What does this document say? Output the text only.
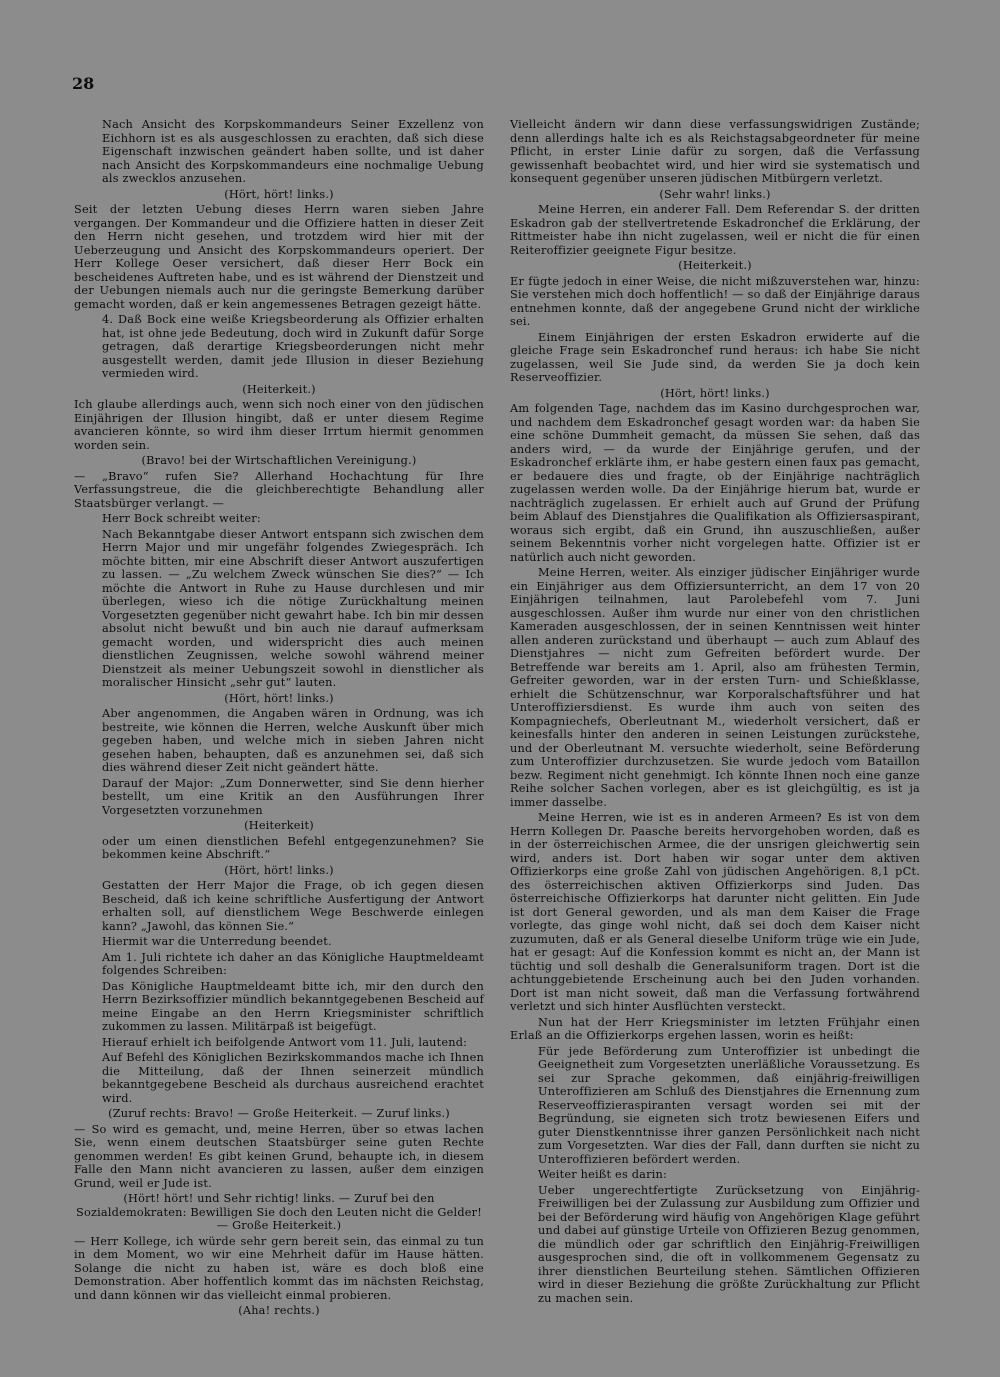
28

Nach Ansicht des Korpskommandeurs Seiner Exzellenz von Eichhorn ist es als ausgeschlossen zu erachten, daß sich diese Eigenschaft inzwischen geändert haben sollte, und ist daher nach Ansicht des Korpskommandeurs eine nochmalige Uebung als zwecklos anzusehen.

(Hört, hört! links.)

Seit der letzten Uebung dieses Herrn waren sieben Jahre vergangen. Der Kommandeur und die Offiziere hatten in dieser Zeit den Herrn nicht gesehen, und trotzdem wird hier mit der Ueberzeugung und Ansicht des Korpskommandeurs operiert. Der Herr Kollege Oeser versichert, daß dieser Herr Bock ein bescheidenes Auftreten habe, und es ist während der Dienstzeit und der Uebungen niemals auch nur die geringste Bemerkung darüber gemacht worden, daß er kein angemessenes Betragen gezeigt hätte.

4. Daß Bock eine weiße Kriegsbeorderung als Offizier erhalten hat, ist ohne jede Bedeutung, doch wird in Zukunft dafür Sorge getragen, daß derartige Kriegsbeorderungen nicht mehr ausgestellt werden, damit jede Illusion in dieser Beziehung vermieden wird.

(Heiterkeit.)

Ich glaube allerdings auch, wenn sich noch einer von den jüdischen Einjährigen der Illusion hingibt, daß er unter diesem Regime avancieren könnte, so wird ihm dieser Irrtum hiermit genommen worden sein.

(Bravo! bei der Wirtschaftlichen Vereinigung.)

— „Bravo“ rufen Sie? Allerhand Hochachtung für Ihre Verfassungstreue, die die gleichberechtigte Behandlung aller Staatsbürger verlangt. —

Herr Bock schreibt weiter:

Nach Bekanntgabe dieser Antwort entspann sich zwischen dem Herrn Major und mir ungefähr folgendes Zwiegespräch. Ich möchte bitten, mir eine Abschrift dieser Antwort auszufertigen zu lassen. — „Zu welchem Zweck wünschen Sie dies?“ — Ich möchte die Antwort in Ruhe zu Hause durchlesen und mir überlegen, wieso ich die nötige Zurückhaltung meinen Vorgesetzten gegenüber nicht gewahrt habe. Ich bin mir dessen absolut nicht bewußt und bin auch nie darauf aufmerksam gemacht worden, und widerspricht dies auch meinen dienstlichen Zeugnissen, welche sowohl während meiner Dienstzeit als meiner Uebungszeit sowohl in dienstlicher als moralischer Hinsicht „sehr gut“ lauten.

(Hört, hört! links.)

Aber angenommen, die Angaben wären in Ordnung, was ich bestreite, wie können die Herren, welche Auskunft über mich gegeben haben, und welche mich in sieben Jahren nicht gesehen haben, behaupten, daß es anzunehmen sei, daß sich dies während dieser Zeit nicht geändert hätte.

Darauf der Major: „Zum Donnerwetter, sind Sie denn hierher bestellt, um eine Kritik an den Ausführungen Ihrer Vorgesetzten vorzunehmen

(Heiterkeit)

oder um einen dienstlichen Befehl entgegenzunehmen? Sie bekommen keine Abschrift.“

(Hört, hört! links.)

Gestatten der Herr Major die Frage, ob ich gegen diesen Bescheid, daß ich keine schriftliche Ausfertigung der Antwort erhalten soll, auf dienstlichem Wege Beschwerde einlegen kann? „Jawohl, das können Sie.“

Hiermit war die Unterredung beendet.

Am 1. Juli richtete ich daher an das Königliche Hauptmeldeamt folgendes Schreiben:

Das Königliche Hauptmeldeamt bitte ich, mir den durch den Herrn Bezirksoffizier mündlich bekanntgegebenen Bescheid auf meine Eingabe an den Herrn Kriegsminister schriftlich zukommen zu lassen. Militärpaß ist beigefügt.

Hierauf erhielt ich beifolgende Antwort vom 11. Juli, lautend:

Auf Befehl des Königlichen Bezirkskommandos mache ich Ihnen die Mitteilung, daß der Ihnen seinerzeit mündlich bekanntgegebene Bescheid als durchaus ausreichend erachtet wird.

(Zuruf rechts: Bravo! — Große Heiterkeit. — Zuruf links.)

— So wird es gemacht, und, meine Herren, über so etwas lachen Sie, wenn einem deutschen Staatsbürger seine guten Rechte genommen werden! Es gibt keinen Grund, behaupte ich, in diesem Falle den Mann nicht avancieren zu lassen, außer dem einzigen Grund, weil er Jude ist.

(Hört! hört! und Sehr richtig! links. — Zuruf bei den Sozialdemokraten: Bewilligen Sie doch den Leuten nicht die Gelder! — Große Heiterkeit.)

— Herr Kollege, ich würde sehr gern bereit sein, das einmal zu tun in dem Moment, wo wir eine Mehrheit dafür im Hause hätten. Solange die nicht zu haben ist, wäre es doch bloß eine Demonstration. Aber hoffentlich kommt das im nächsten Reichstag, und dann können wir das vielleicht einmal probieren.

(Aha! rechts.)

Vielleicht ändern wir dann diese verfassungswidrigen Zustände; denn allerdings halte ich es als Reichstagsabgeordneter für meine Pflicht, in erster Linie dafür zu sorgen, daß die Verfassung gewissenhaft beobachtet wird, und hier wird sie systematisch und konsequent gegenüber unseren jüdischen Mitbürgern verletzt.

(Sehr wahr! links.)

Meine Herren, ein anderer Fall. Dem Referendar S. der dritten Eskadron gab der stellvertretende Eskadronchef die Erklärung, der Rittmeister habe ihn nicht zugelassen, weil er nicht die für einen Reiteroffizier geeignete Figur besitze.

(Heiterkeit.)

Er fügte jedoch in einer Weise, die nicht mißzuverstehen war, hinzu: Sie verstehen mich doch hoffentlich! — so daß der Einjährige daraus entnehmen konnte, daß der angegebene Grund nicht der wirkliche sei.

Einem Einjährigen der ersten Eskadron erwiderte auf die gleiche Frage sein Eskadronchef rund heraus: ich habe Sie nicht zugelassen, weil Sie Jude sind, da werden Sie ja doch kein Reserveoffizier.

(Hört, hört! links.)

Am folgenden Tage, nachdem das im Kasino durchgesprochen war, und nachdem dem Eskadronchef gesagt worden war: da haben Sie eine schöne Dummheit gemacht, da müssen Sie sehen, daß das anders wird, — da wurde der Einjährige gerufen, und der Eskadronchef erklärte ihm, er habe gestern einen faux pas gemacht, er bedauere dies und fragte, ob der Einjährige nachträglich zugelassen werden wolle. Da der Einjährige hierum bat, wurde er nachträglich zugelassen. Er erhielt auch auf Grund der Prüfung beim Ablauf des Dienstjahres die Qualifikation als Offiziersaspirant, woraus sich ergibt, daß ein Grund, ihn auszuschließen, außer seinem Bekenntnis vorher nicht vorgelegen hatte. Offizier ist er natürlich auch nicht geworden.

Meine Herren, weiter. Als einziger jüdischer Einjähriger wurde ein Einjähriger aus dem Offiziersunterricht, an dem 17 von 20 Einjährigen teilnahmen, laut Parolebefehl vom 7. Juni ausgeschlossen. Außer ihm wurde nur einer von den christlichen Kameraden ausgeschlossen, der in seinen Kenntnissen weit hinter allen anderen zurückstand und überhaupt — auch zum Ablauf des Dienstjahres — nicht zum Gefreiten befördert wurde. Der Betreffende war bereits am 1. April, also am frühesten Termin, Gefreiter geworden, war in der ersten Turn- und Schießklasse, erhielt die Schützenschnur, war Korporalschaftsführer und hat Unteroffiziersdienst. Es wurde ihm auch von seiten des Kompagniechefs, Oberleutnant M., wiederholt versichert, daß er keinesfalls hinter den anderen in seinen Leistungen zurückstehe, und der Oberleutnant M. versuchte wiederholt, seine Beförderung zum Unteroffizier durchzusetzen. Sie wurde jedoch vom Bataillon bezw. Regiment nicht genehmigt. Ich könnte Ihnen noch eine ganze Reihe solcher Sachen vorlegen, aber es ist gleichgültig, es ist ja immer dasselbe.

Meine Herren, wie ist es in anderen Armeen? Es ist von dem Herrn Kollegen Dr. Paasche bereits hervorgehoben worden, daß es in der österreichischen Armee, die der unsrigen gleichwertig sein wird, anders ist. Dort haben wir sogar unter dem aktiven Offizierkorps eine große Zahl von jüdischen Angehörigen. 8,1 pCt. des österreichischen aktiven Offizierkorps sind Juden. Das österreichische Offizierkorps hat darunter nicht gelitten. Ein Jude ist dort General geworden, und als man dem Kaiser die Frage vorlegte, das ginge wohl nicht, daß sei doch dem Kaiser nicht zuzumuten, daß er als General dieselbe Uniform trüge wie ein Jude, hat er gesagt: Auf die Konfession kommt es nicht an, der Mann ist tüchtig und soll deshalb die Generalsuniform tragen. Dort ist die achtunggebietende Erscheinung auch bei den Juden vorhanden. Dort ist man nicht soweit, daß man die Verfassung fortwährend verletzt und sich hinter Ausflüchten versteckt.

Nun hat der Herr Kriegsminister im letzten Frühjahr einen Erlaß an die Offizierkorps ergehen lassen, worin es heißt:

Für jede Beförderung zum Unteroffizier ist unbedingt die Geeignetheit zum Vorgesetzten unerläßliche Voraussetzung. Es sei zur Sprache gekommen, daß einjährig-freiwilligen Unteroffizieren am Schluß des Dienstjahres die Ernennung zum Reserveoffizieraspiranten versagt worden sei mit der Begründung, sie eigneten sich trotz bewiesenen Eifers und guter Dienstkenntnisse ihrer ganzen Persönlichkeit nach nicht zum Vorgesetzten. War dies der Fall, dann durften sie nicht zu Unteroffizieren befördert werden.

Weiter heißt es darin:

Ueber ungerechtfertigte Zurücksetzung von Einjährig-Freiwilligen bei der Zulassung zur Ausbildung zum Offizier und bei der Beförderung wird häufig von Angehörigen Klage geführt und dabei auf günstige Urteile von Offizieren Bezug genommen, die mündlich oder gar schriftlich den Einjährig-Freiwilligen ausgesprochen sind, die oft in vollkommenem Gegensatz zu ihrer dienstlichen Beurteilung stehen. Sämtlichen Offizieren wird in dieser Beziehung die größte Zurückhaltung zur Pflicht zu machen sein.
